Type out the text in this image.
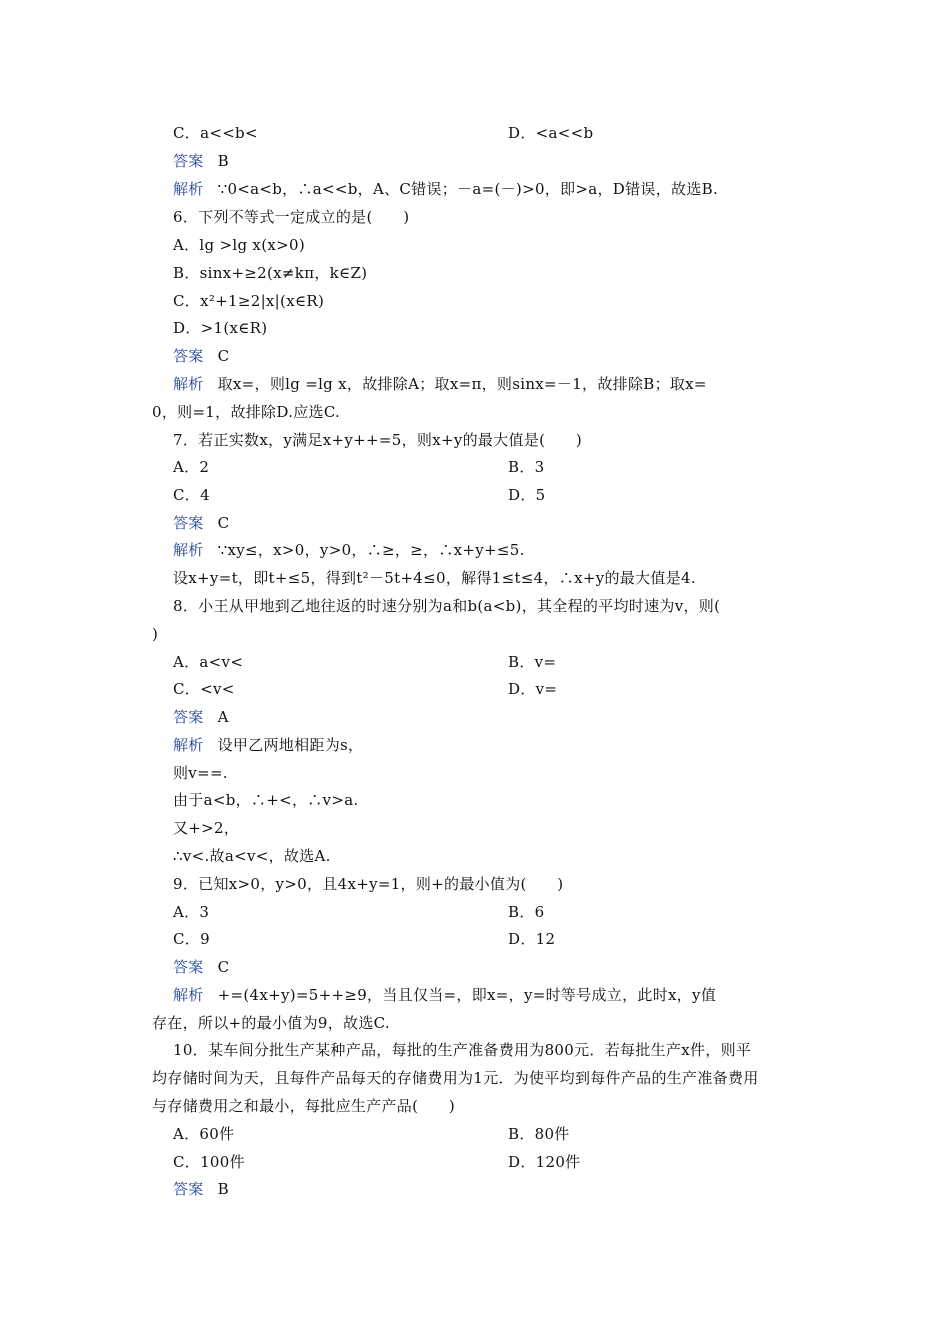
C．a<<b<	D．<a<<b
答案 B
解析 ∵0<a<b，∴a<<b，A、C错误；－a=(－)>0，即>a，D错误，故选B.
6．下列不等式一定成立的是(　　)
A．lg >lg x(x>0)
B．sinx+≥2(x≠kπ，k∈Z)
C．x²+1≥2|x|(x∈R)
D．>1(x∈R)
答案 C
解析 取x=，则lg =lg x，故排除A；取x=π，则sinx=－1，故排除B；取x=
0，则=1，故排除D.应选C.
7．若正实数x，y满足x+y++=5，则x+y的最大值是(　　)
A．2	B．3
C．4	D．5
答案 C
解析 ∵xy≤，x>0，y>0，∴≥，≥，∴x+y+≤5.
设x+y=t，即t+≤5，得到t²－5t+4≤0，解得1≤t≤4，∴x+y的最大值是4.
8．小王从甲地到乙地往返的时速分别为a和b(a<b)，其全程的平均时速为v，则(
)
A．a<v<	B．v=
C．<v<	D．v=
答案 A
解析 设甲乙两地相距为s，
则v==.
由于a<b，∴+<，∴v>a.
又+>2，
∴v<.故a<v<，故选A.
9．已知x>0，y>0，且4x+y=1，则+的最小值为(　　)
A．3	B．6
C．9	D．12
答案 C
解析 +=(4x+y)=5++≥9，当且仅当=，即x=，y=时等号成立，此时x，y值
存在，所以+的最小值为9，故选C.
10．某车间分批生产某种产品，每批的生产准备费用为800元．若每批生产x件，则平
均存储时间为天，且每件产品每天的存储费用为1元．为使平均到每件产品的生产准备费用
与存储费用之和最小，每批应生产产品(　　)
A．60件	B．80件
C．100件	D．120件
答案 B
